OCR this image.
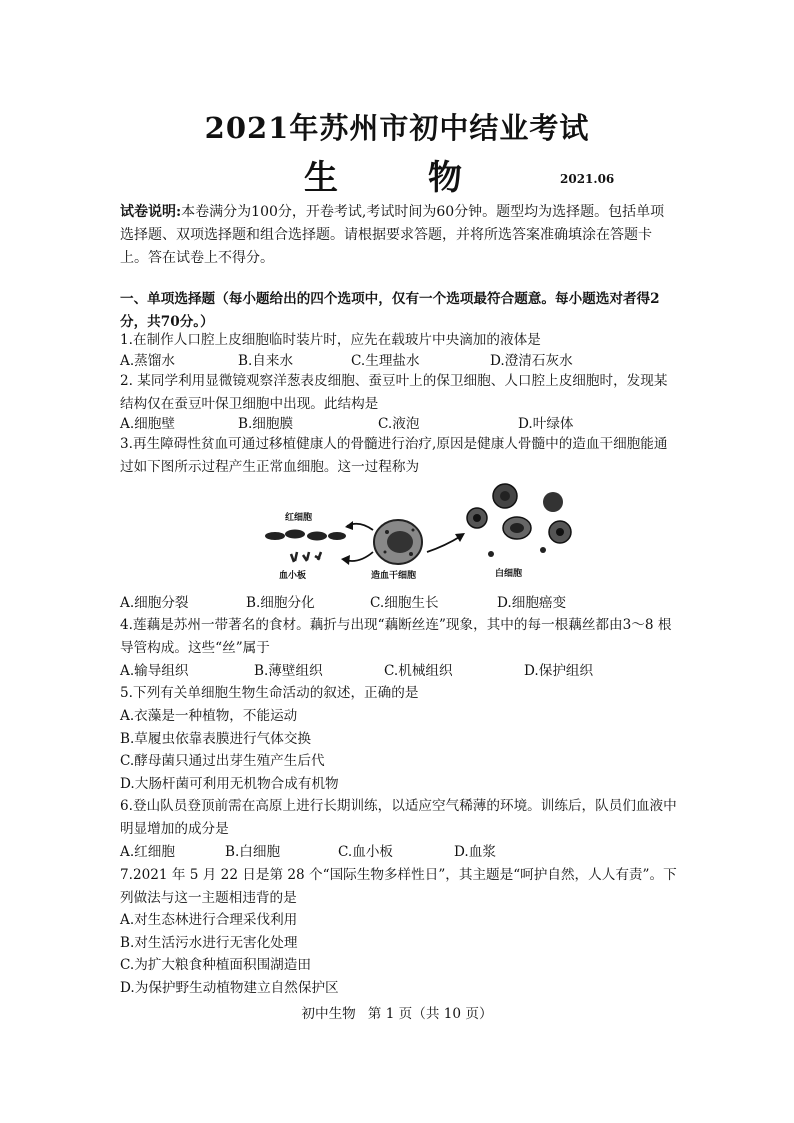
2021年苏州市初中结业考试
生　物	2021.06
试卷说明:本卷满分为100分，开卷考试,考试时间为60分钟。题型均为选择题。包括单项选择题、双项选择题和组合选择题。请根据要求答题，并将所选答案准确填涂在答题卡上。答在试卷上不得分。
一、单项选择题（每小题给出的四个选项中，仅有一个选项最符合题意。每小题选对者得2分，共70分。）
1.在制作人口腔上皮细胞临时装片时，应先在载玻片中央滴加的液体是
A.蒸馏水	B.自来水	C.生理盐水	D.澄清石灰水
2. 某同学利用显微镜观察洋葱表皮细胞、蚕豆叶上的保卫细胞、人口腔上皮细胞时，发现某结构仅在蚕豆叶保卫细胞中出现。此结构是
A.细胞壁	B.细胞膜	C.液泡	D.叶绿体
3.再生障碍性贫血可通过移植健康人的骨髓进行治疗,原因是健康人骨髓中的造血干细胞能通过如下图所示过程产生正常血细胞。这一过程称为
红细胞
血小板	造血干细胞	白细胞
A.细胞分裂	B.细胞分化	C.细胞生长	D.细胞癌变
4.莲藕是苏州一带著名的食材。藕折与出现“藕断丝连”现象，其中的每一根藕丝都由3～8 根导管构成。这些“丝”属于
A.输导组织	B.薄壁组织	C.机械组织	D.保护组织
5.下列有关单细胞生物生命活动的叙述，正确的是
A.衣藻是一种植物，不能运动
B.草履虫依靠表膜进行气体交换
C.酵母菌只通过出芽生殖产生后代
D.大肠杆菌可利用无机物合成有机物
6.登山队员登顶前需在高原上进行长期训练，以适应空气稀薄的环境。训练后，队员们血液中明显增加的成分是
A.红细胞	B.白细胞	C.血小板	D.血浆
7.2021 年 5 月 22 日是第 28 个“国际生物多样性日”，其主题是“呵护自然，人人有责”。下列做法与这一主题相违背的是
A.对生态林进行合理采伐利用
B.对生活污水进行无害化处理
C.为扩大粮食种植面积围湖造田
D.为保护野生动植物建立自然保护区
初中生物 第 1 页（共 10 页）
